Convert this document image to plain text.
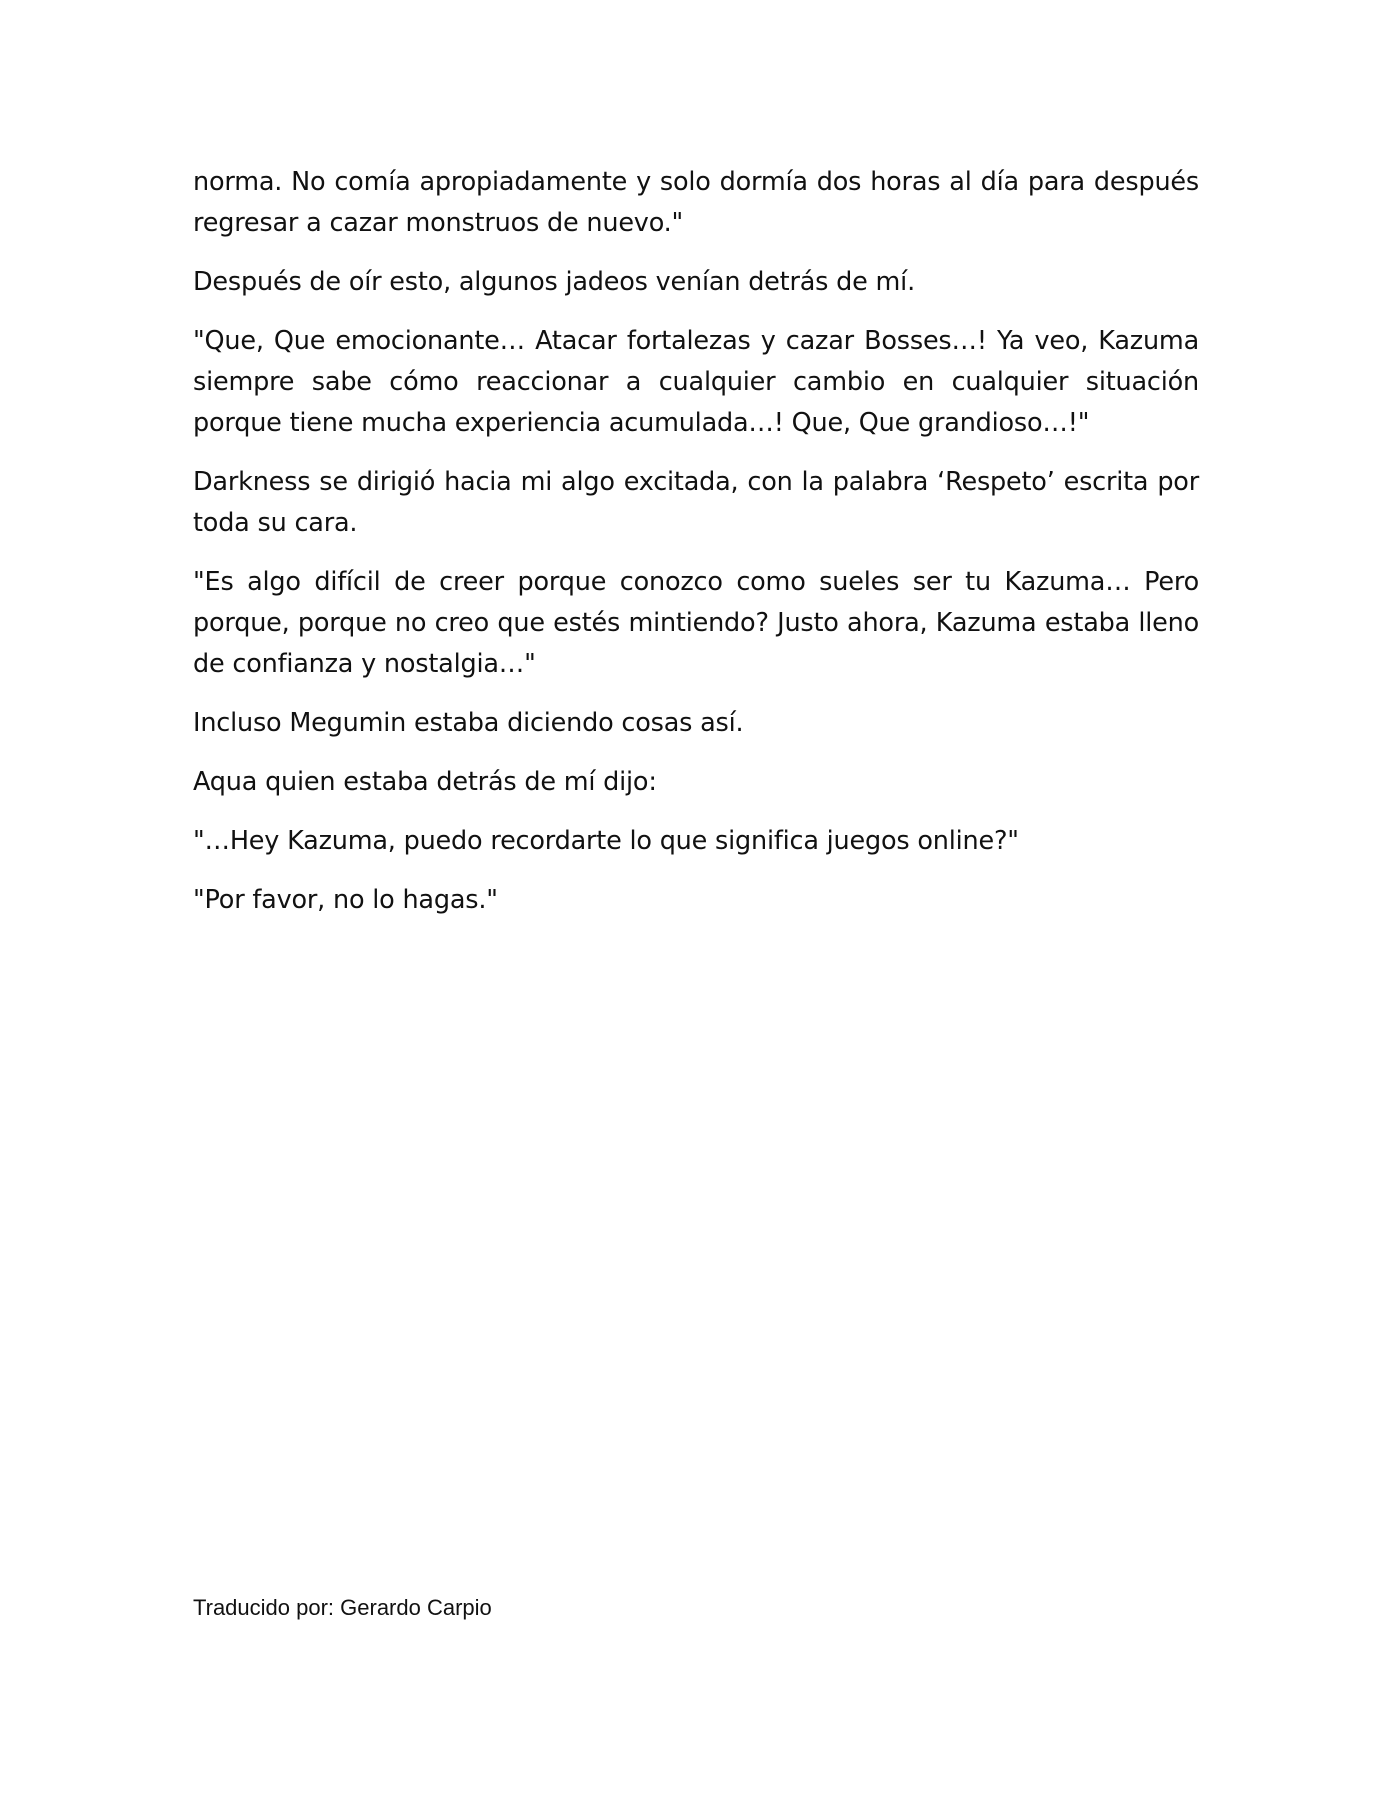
norma. No comía apropiadamente y solo dormía dos horas al día para después regresar a cazar monstruos de nuevo."

Después de oír esto, algunos jadeos venían detrás de mí.

"Que, Que emocionante… Atacar fortalezas y cazar Bosses…! Ya veo, Kazuma siempre sabe cómo reaccionar a cualquier cambio en cualquier situación porque tiene mucha experiencia acumulada…! Que, Que grandioso…!"

Darkness se dirigió hacia mi algo excitada, con la palabra ‘Respeto’ escrita por toda su cara.

"Es algo difícil de creer porque conozco como sueles ser tu Kazuma… Pero porque, porque no creo que estés mintiendo? Justo ahora, Kazuma estaba lleno de confianza y nostalgia…"

Incluso Megumin estaba diciendo cosas así.

Aqua quien estaba detrás de mí dijo:

"…Hey Kazuma, puedo recordarte lo que significa juegos online?"

"Por favor, no lo hagas."

Traducido por: Gerardo Carpio
